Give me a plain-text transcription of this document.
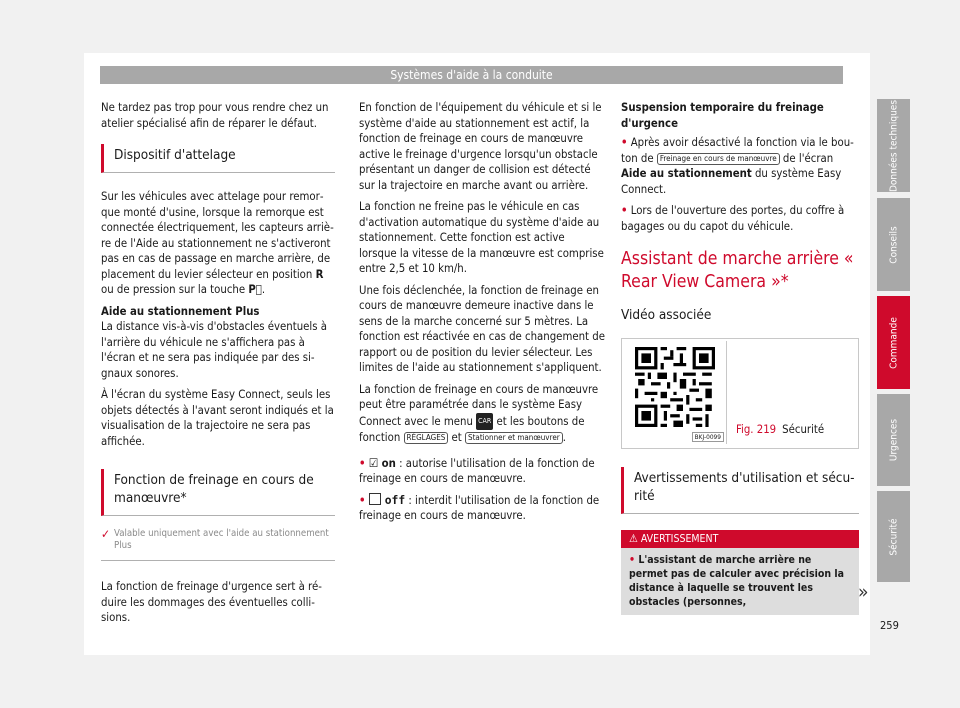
Systèmes d'aide à la conduite

Ne tardez pas trop pour vous rendre chez un atelier spécialisé afin de réparer le défaut.

Dispositif d'attelage

Sur les véhicules avec attelage pour remorque monté d'usine, lorsque la remorque est connectée électriquement, les capteurs arrière de l'Aide au stationnement ne s'activeront pas en cas de passage en marche arrière, de placement du levier sélecteur en position R ou de pression sur la touche P⃕.

Aide au stationnement Plus

La distance vis-à-vis d'obstacles éventuels à l'arrière du véhicule ne s'affichera pas à l'écran et ne sera pas indiquée par des signaux sonores.

À l'écran du système Easy Connect, seuls les objets détectés à l'avant seront indiqués et la visualisation de la trajectoire ne sera pas affichée.

Fonction de freinage en cours de manœuvre*
✓ Valable uniquement avec l'aide au stationnement Plus

La fonction de freinage d'urgence sert à réduire les dommages des éventuelles collisions.

En fonction de l'équipement du véhicule et si le système d'aide au stationnement est actif, la fonction de freinage en cours de manœuvre active le freinage d'urgence lorsqu'un obstacle présentant un danger de collision est détecté sur la trajectoire en marche avant ou arrière.

La fonction ne freine pas le véhicule en cas d'activation automatique du système d'aide au stationnement. Cette fonction est active lorsque la vitesse de la manœuvre est comprise entre 2,5 et 10 km/h.

Une fois déclenchée, la fonction de freinage en cours de manœuvre demeure inactive dans le sens de la marche concerné sur 5 mètres. La fonction est réactivée en cas de changement de rapport ou de position du levier sélecteur. Les limites de l'aide au stationnement s'appliquent.

La fonction de freinage en cours de manœuvre peut être paramétrée dans le système Easy Connect avec le menu CAR et les boutons de fonction RÉGLAGES et Stationner et manœuvrer .

• ☑ on : autorise l'utilisation de la fonction de freinage en cours de manœuvre.

• off : interdit l'utilisation de la fonction de freinage en cours de manœuvre.

Suspension temporaire du freinage d'urgence

• Après avoir désactivé la fonction via le bouton de Freinage en cours de manœuvre de l'écran Aide au stationnement du système Easy Connect.

• Lors de l'ouverture des portes, du coffre à bagages ou du capot du véhicule.

Assistant de marche arrière « Rear View Camera »*
Vidéo associée
BKJ-0099
Fig. 219 Sécurité
Avertissements d'utilisation et sécurité
⚠ AVERTISSEMENT
• L'assistant de marche arrière ne permet pas de calculer avec précision la distance à laquelle se trouvent les obstacles (personnes,
Données techniques
Conseils
Commande
Urgences
Sécurité
»
259
